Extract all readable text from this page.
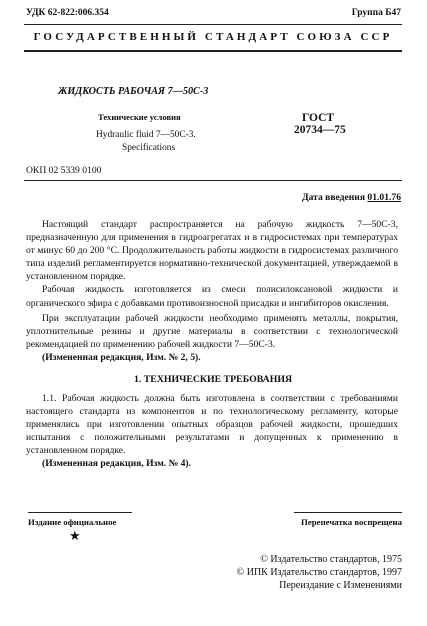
УДК 62-822:006.354	Группа Б47
ГОСУДАРСТВЕННЫЙ СТАНДАРТ СОЮЗА ССР
ЖИДКОСТЬ РАБОЧАЯ 7—50С-3
Технические условия
Hydraulic fluid 7—50С-3.
Specifications
ГОСТ
20734—75
ОКП 02 5339 0100
Дата введения 01.01.76

Настоящий стандарт распространяется на рабочую жидкость 7—50С-3, предназначенную для применения в гидроагрегатах и в гидросистемах при температурах от минус 60 до 200 °С. Продолжительность работы жидкости в гидросистемах различного типа изделий регламентируется нормативно-технической документацией, утверждаемой в установленном порядке.

Рабочая жидкость изготовляется из смеси полисилоксановой жидкости и органического эфира с добавками противоизносной присадки и ингибиторов окисления.

При эксплуатации рабочей жидкости необходимо применять металлы, покрытия, уплотнительные резины и другие материалы в соответствии с технологической рекомендацией по применению рабочей жидкости 7—50С-3.

(Измененная редакция, Изм. № 2, 5).

1. ТЕХНИЧЕСКИЕ ТРЕБОВАНИЯ

1.1. Рабочая жидкость должна быть изготовлена в соответствии с требованиями настоящего стандарта из компонентов и по технологическому регламенту, которые применялись при изготовлении опытных образцов рабочей жидкости, прошедших испытания с положительными результатами и допущенных к применению в установленном порядке.

(Измененная редакция, Изм. № 4).

Издание официальное	Перепечатка воспрещена
★
© Издательство стандартов, 1975
© ИПК Издательство стандартов, 1997
Переиздание с Изменениями
